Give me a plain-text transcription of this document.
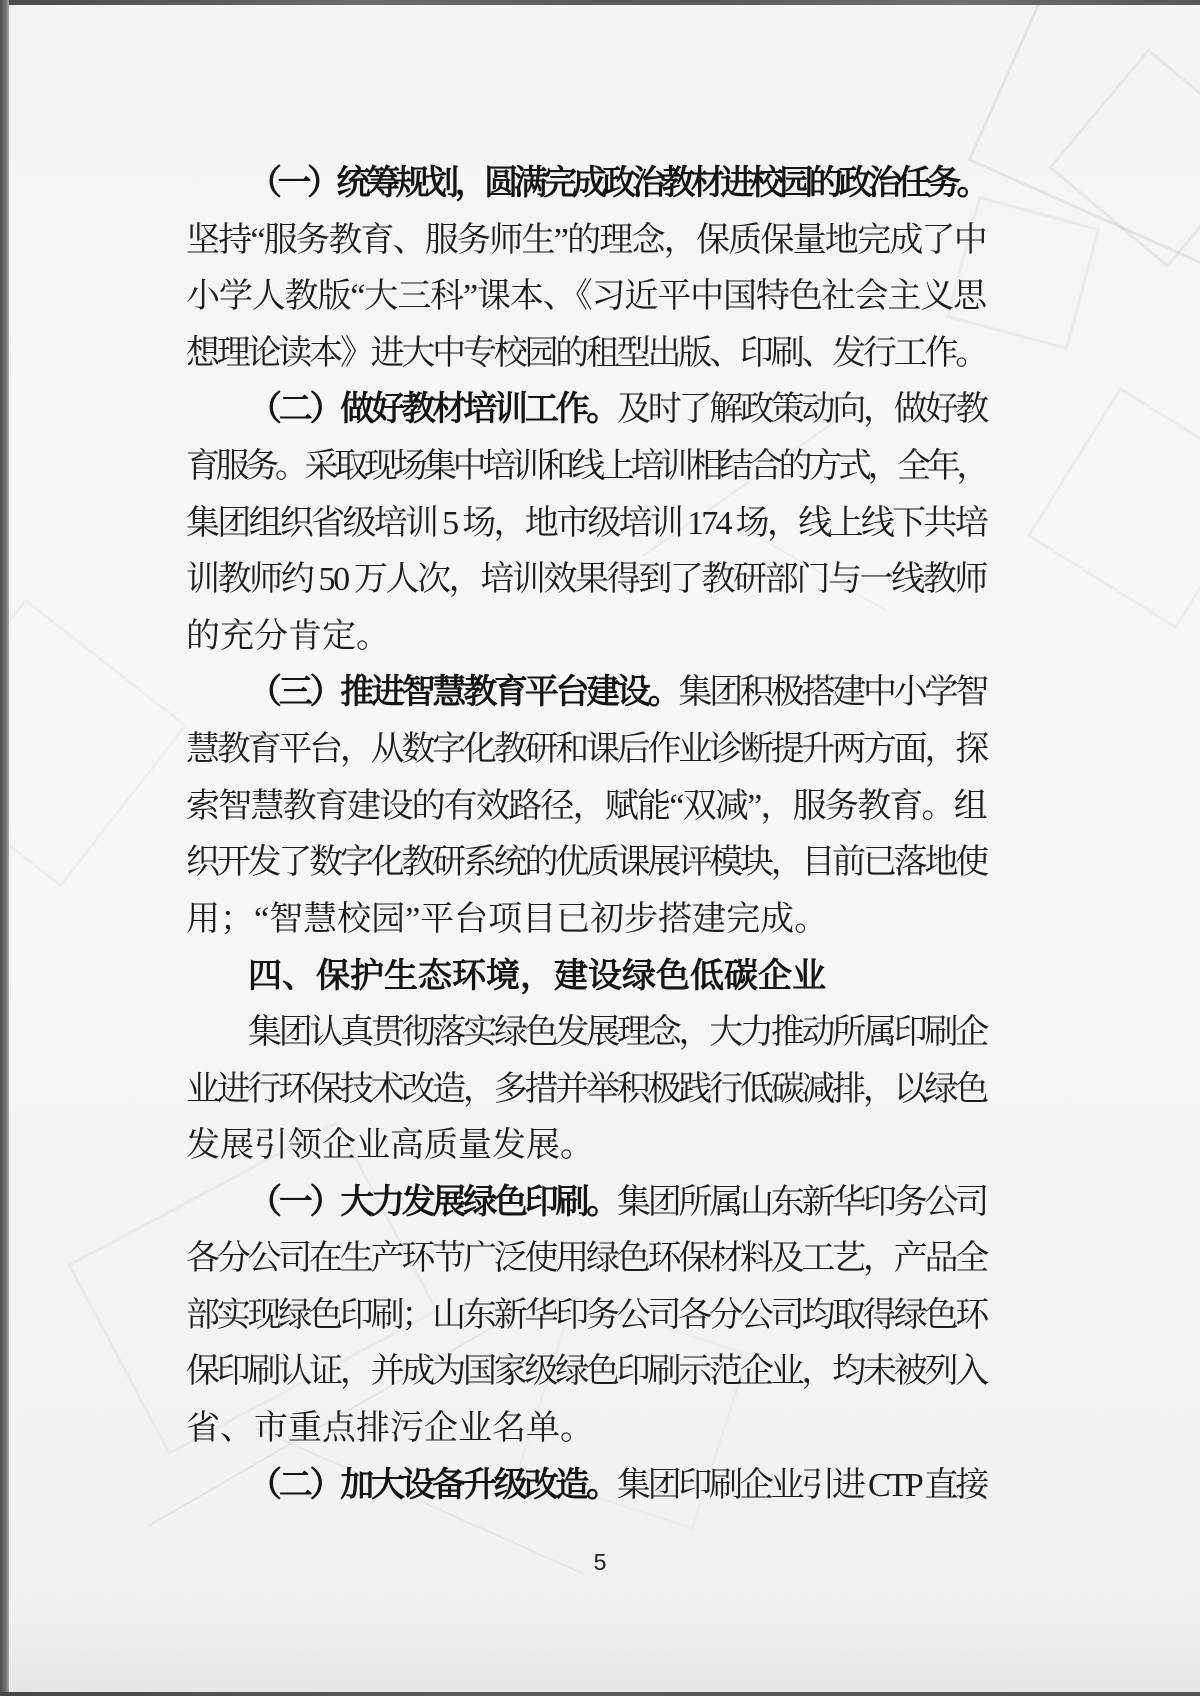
（一）统筹规划，圆满完成政治教材进校园的政治任务。
坚持“服务教育、服务师生”的理念，保质保量地完成了中
小学人教版“大三科”课本、《习近平中国特色社会主义思
想理论读本》进大中专校园的租型出版、印刷、发行工作。
（二）做好教材培训工作。及时了解政策动向，做好教
育服务。采取现场集中培训和线上培训相结合的方式，全年，
集团组织省级培训 5 场，地市级培训 174 场，线上线下共培
训教师约 50 万人次，培训效果得到了教研部门与一线教师
的充分肯定。
（三）推进智慧教育平台建设。集团积极搭建中小学智
慧教育平台，从数字化教研和课后作业诊断提升两方面，探
索智慧教育建设的有效路径，赋能“双减”，服务教育。组
织开发了数字化教研系统的优质课展评模块，目前已落地使
用；“智慧校园”平台项目已初步搭建完成。
四、保护生态环境，建设绿色低碳企业
集团认真贯彻落实绿色发展理念，大力推动所属印刷企
业进行环保技术改造，多措并举积极践行低碳减排，以绿色
发展引领企业高质量发展。
（一）大力发展绿色印刷。集团所属山东新华印务公司
各分公司在生产环节广泛使用绿色环保材料及工艺，产品全
部实现绿色印刷；山东新华印务公司各分公司均取得绿色环
保印刷认证，并成为国家级绿色印刷示范企业，均未被列入
省、市重点排污企业名单。
（二）加大设备升级改造。集团印刷企业引进 CTP 直接
5
